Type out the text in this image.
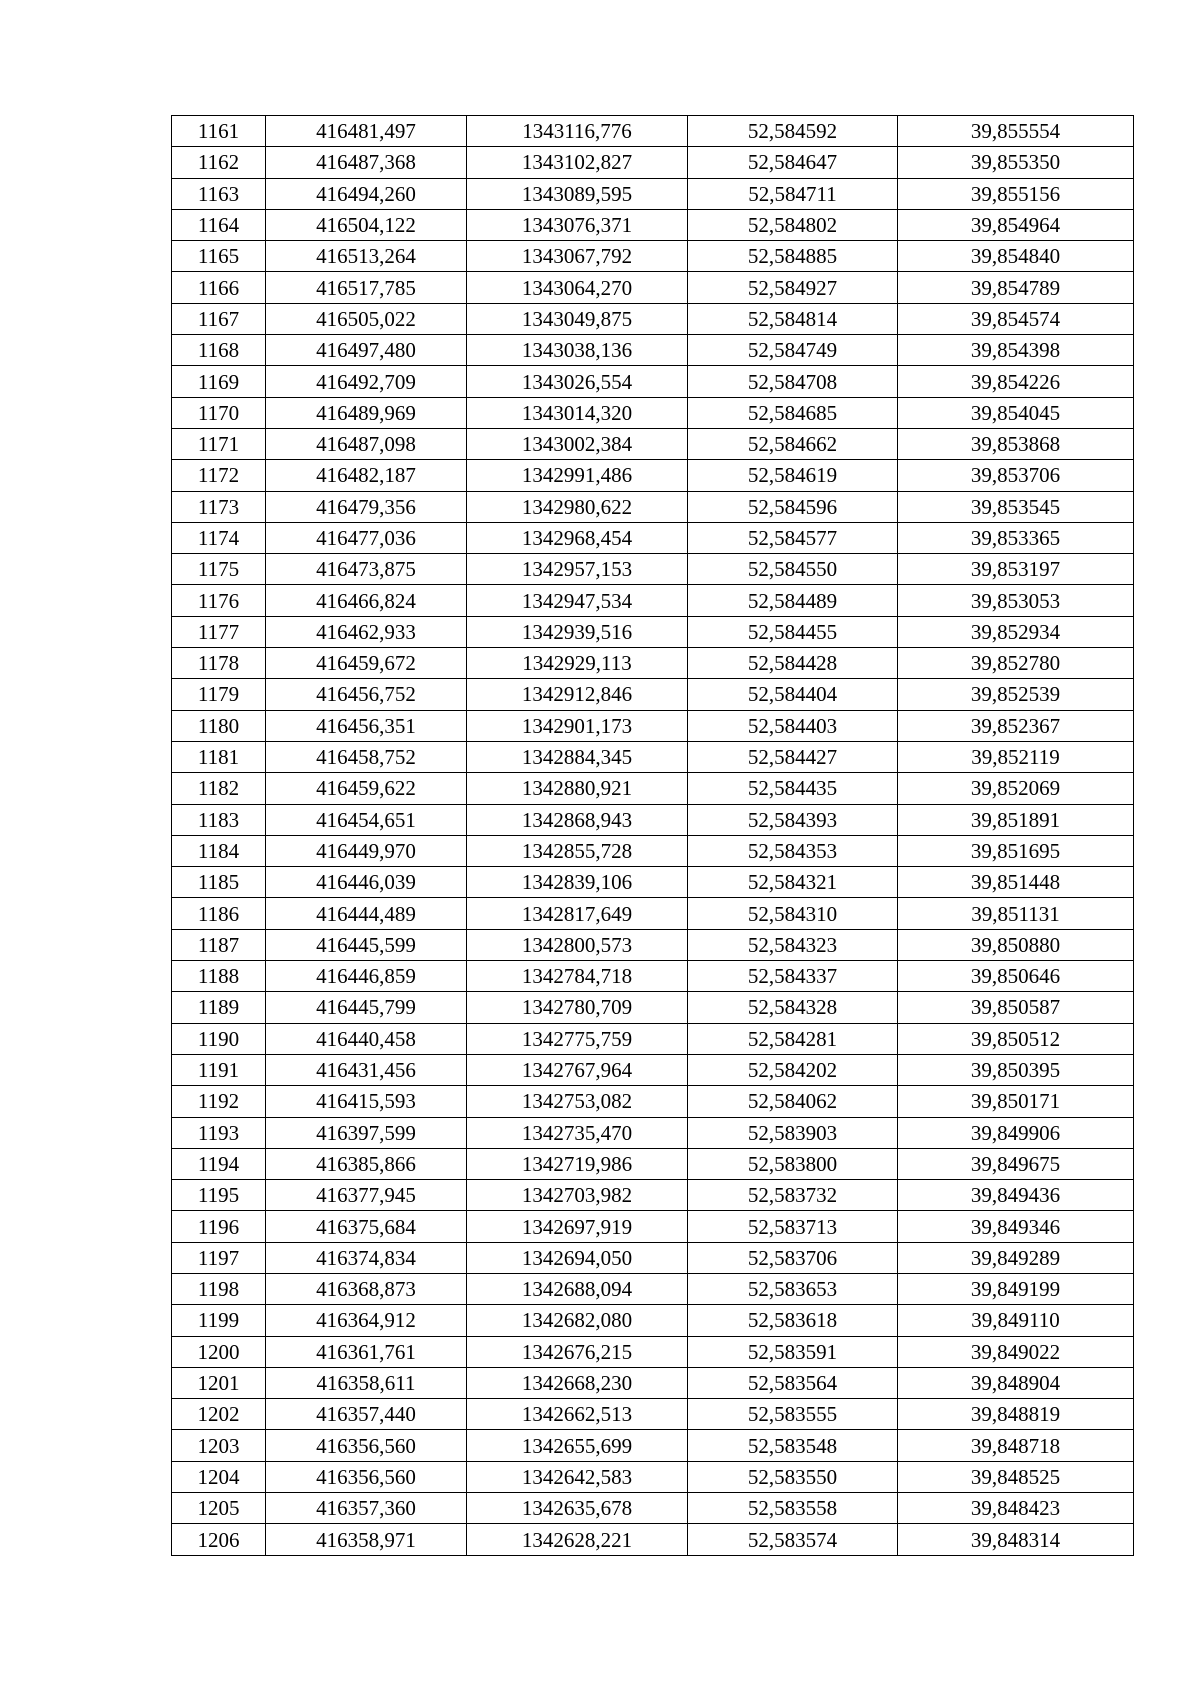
1161	416481,497	1343116,776	52,584592	39,855554
1162	416487,368	1343102,827	52,584647	39,855350
1163	416494,260	1343089,595	52,584711	39,855156
1164	416504,122	1343076,371	52,584802	39,854964
1165	416513,264	1343067,792	52,584885	39,854840
1166	416517,785	1343064,270	52,584927	39,854789
1167	416505,022	1343049,875	52,584814	39,854574
1168	416497,480	1343038,136	52,584749	39,854398
1169	416492,709	1343026,554	52,584708	39,854226
1170	416489,969	1343014,320	52,584685	39,854045
1171	416487,098	1343002,384	52,584662	39,853868
1172	416482,187	1342991,486	52,584619	39,853706
1173	416479,356	1342980,622	52,584596	39,853545
1174	416477,036	1342968,454	52,584577	39,853365
1175	416473,875	1342957,153	52,584550	39,853197
1176	416466,824	1342947,534	52,584489	39,853053
1177	416462,933	1342939,516	52,584455	39,852934
1178	416459,672	1342929,113	52,584428	39,852780
1179	416456,752	1342912,846	52,584404	39,852539
1180	416456,351	1342901,173	52,584403	39,852367
1181	416458,752	1342884,345	52,584427	39,852119
1182	416459,622	1342880,921	52,584435	39,852069
1183	416454,651	1342868,943	52,584393	39,851891
1184	416449,970	1342855,728	52,584353	39,851695
1185	416446,039	1342839,106	52,584321	39,851448
1186	416444,489	1342817,649	52,584310	39,851131
1187	416445,599	1342800,573	52,584323	39,850880
1188	416446,859	1342784,718	52,584337	39,850646
1189	416445,799	1342780,709	52,584328	39,850587
1190	416440,458	1342775,759	52,584281	39,850512
1191	416431,456	1342767,964	52,584202	39,850395
1192	416415,593	1342753,082	52,584062	39,850171
1193	416397,599	1342735,470	52,583903	39,849906
1194	416385,866	1342719,986	52,583800	39,849675
1195	416377,945	1342703,982	52,583732	39,849436
1196	416375,684	1342697,919	52,583713	39,849346
1197	416374,834	1342694,050	52,583706	39,849289
1198	416368,873	1342688,094	52,583653	39,849199
1199	416364,912	1342682,080	52,583618	39,849110
1200	416361,761	1342676,215	52,583591	39,849022
1201	416358,611	1342668,230	52,583564	39,848904
1202	416357,440	1342662,513	52,583555	39,848819
1203	416356,560	1342655,699	52,583548	39,848718
1204	416356,560	1342642,583	52,583550	39,848525
1205	416357,360	1342635,678	52,583558	39,848423
1206	416358,971	1342628,221	52,583574	39,848314
